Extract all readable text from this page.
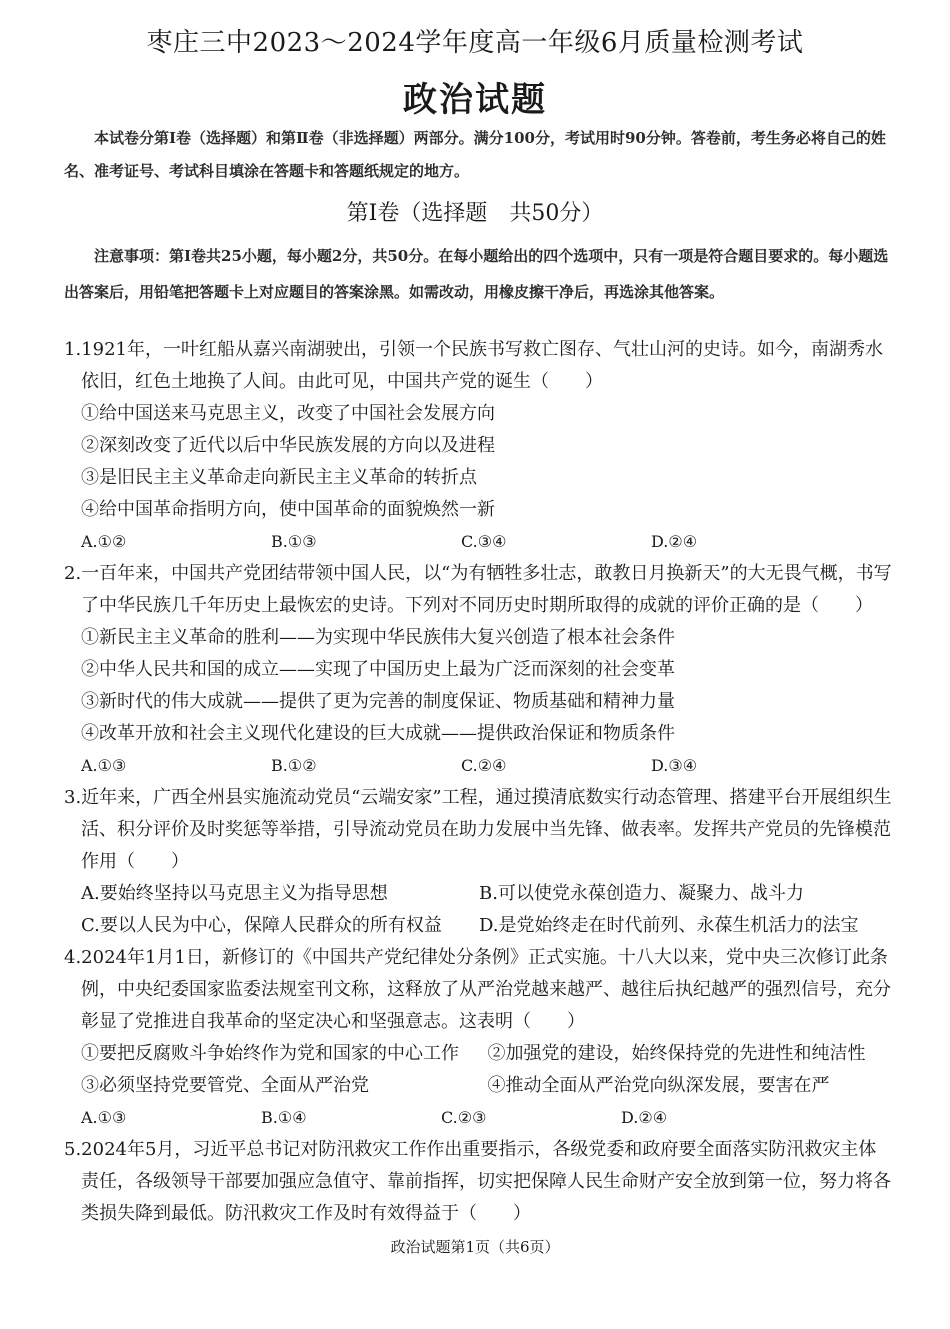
枣庄三中2023～2024学年度高一年级6月质量检测考试
政治试题
本试卷分第Ⅰ卷（选择题）和第Ⅱ卷（非选择题）两部分。满分100分，考试用时90分钟。答卷前，考生务必将自己的姓名、准考证号、考试科目填涂在答题卡和答题纸规定的地方。
第Ⅰ卷（选择题　共50分）
注意事项：第Ⅰ卷共25小题，每小题2分，共50分。在每小题给出的四个选项中，只有一项是符合题目要求的。每小题选出答案后，用铅笔把答题卡上对应题目的答案涂黑。如需改动，用橡皮擦干净后，再选涂其他答案。
1.1921年，一叶红船从嘉兴南湖驶出，引领一个民族书写救亡图存、气壮山河的史诗。如今，南湖秀水依旧，红色土地换了人间。由此可见，中国共产党的诞生（　　）
①给中国送来马克思主义，改变了中国社会发展方向
②深刻改变了近代以后中华民族发展的方向以及进程
③是旧民主主义革命走向新民主主义革命的转折点
④给中国革命指明方向，使中国革命的面貌焕然一新
A.①②	B.①③	C.③④	D.②④
2.一百年来，中国共产党团结带领中国人民，以“为有牺牲多壮志，敢教日月换新天”的大无畏气概，书写了中华民族几千年历史上最恢宏的史诗。下列对不同历史时期所取得的成就的评价正确的是（　　）
①新民主主义革命的胜利——为实现中华民族伟大复兴创造了根本社会条件
②中华人民共和国的成立——实现了中国历史上最为广泛而深刻的社会变革
③新时代的伟大成就——提供了更为完善的制度保证、物质基础和精神力量
④改革开放和社会主义现代化建设的巨大成就——提供政治保证和物质条件
A.①③	B.①②	C.②④	D.③④
3.近年来，广西全州县实施流动党员“云端安家”工程，通过摸清底数实行动态管理、搭建平台开展组织生活、积分评价及时奖惩等举措，引导流动党员在助力发展中当先锋、做表率。发挥共产党员的先锋模范作用（　　）
A.要始终坚持以马克思主义为指导思想	B.可以使党永葆创造力、凝聚力、战斗力
C.要以人民为中心，保障人民群众的所有权益	D.是党始终走在时代前列、永葆生机活力的法宝
4.2024年1月1日，新修订的《中国共产党纪律处分条例》正式实施。十八大以来，党中央三次修订此条例，中央纪委国家监委法规室刊文称，这释放了从严治党越来越严、越往后执纪越严的强烈信号，充分彰显了党推进自我革命的坚定决心和坚强意志。这表明（　　）
①要把反腐败斗争始终作为党和国家的中心工作	②加强党的建设，始终保持党的先进性和纯洁性
③必须坚持党要管党、全面从严治党	④推动全面从严治党向纵深发展，要害在严
A.①③	B.①④	C.②③	D.②④
5.2024年5月，习近平总书记对防汛救灾工作作出重要指示，各级党委和政府要全面落实防汛救灾主体责任，各级领导干部要加强应急值守、靠前指挥，切实把保障人民生命财产安全放到第一位，努力将各类损失降到最低。防汛救灾工作及时有效得益于（　　）
政治试题第1页（共6页）
